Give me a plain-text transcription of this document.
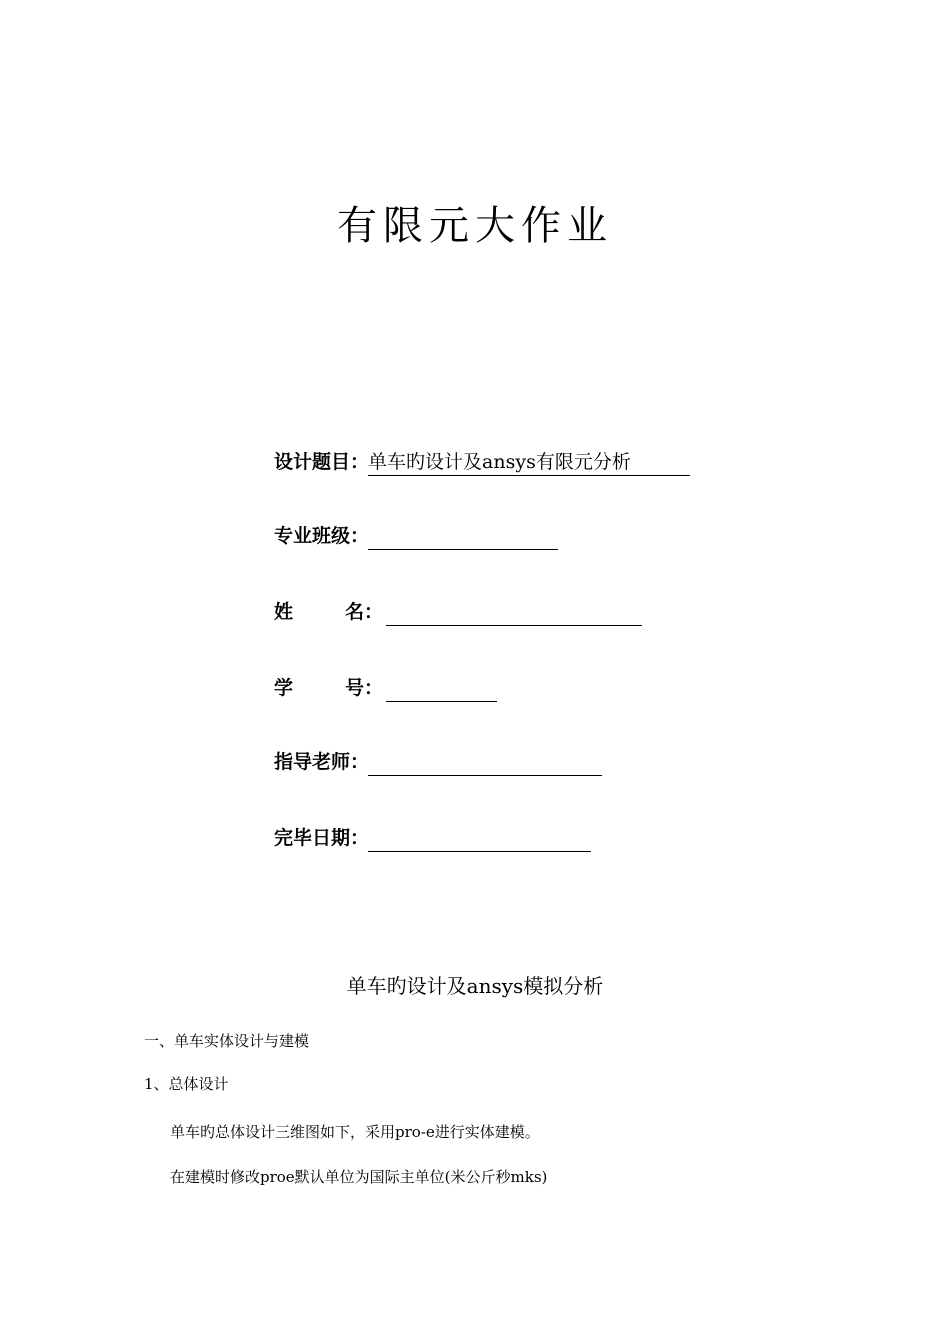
有限元大作业
设计题目 ：
单车旳设计及ansys有限元分析
专业班级 ：
姓	名 ：
学	号 ：
指导老师 ：
完毕日期 ：
单车旳设计及ansys模拟分析
一、单车实体设计与建模
1、总体设计
单车旳总体设计三维图如下，采用pro-e进行实体建模。
在建模时修改proe默认单位为国际主单位(米公斤秒mks)
